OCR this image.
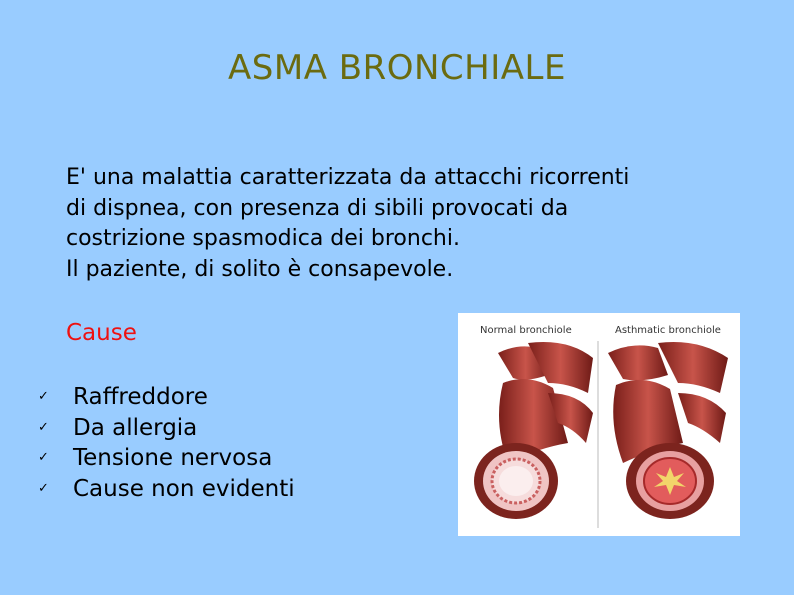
ASMA BRONCHIALE
E' una malattia caratterizzata da attacchi ricorrenti
di dispnea, con presenza di sibili provocati da
costrizione spasmodica dei bronchi.
Il paziente, di solito è consapevole.
Cause
✓ Raffreddore
✓ Da allergia
✓ Tensione nervosa
✓ Cause non evidenti
Normal bronchiole	Asthmatic bronchiole
